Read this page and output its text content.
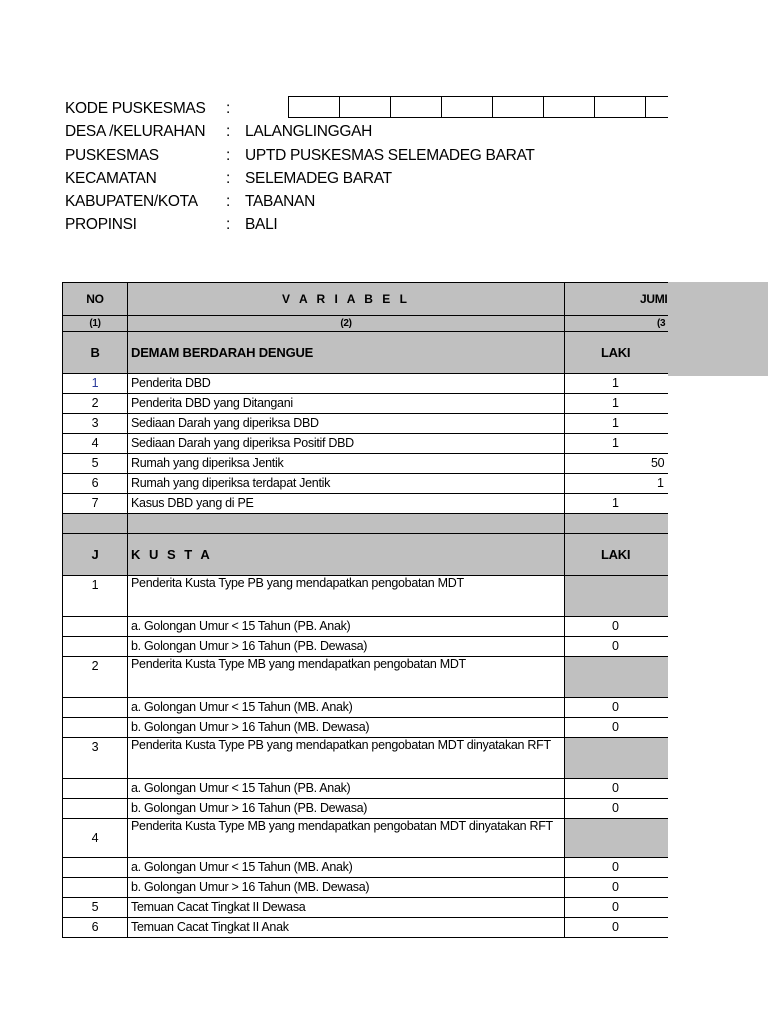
KODE PUSKESMAS :
DESA /KELURAHAN : LALANGLINGGAH
PUSKESMAS	: UPTD PUSKESMAS SELEMADEG BARAT
KECAMATAN	: SELEMADEG BARAT
KABUPATEN/KOTA : TABANAN
PROPINSI	: BALI
NO	V A R I A B E L	JUMI
(1)	(2)	(3
B	DEMAM BERDARAH DENGUE	LAKI
1	Penderita DBD	1
2	Penderita DBD yang Ditangani	1
3	Sediaan Darah yang diperiksa DBD	1
4	Sediaan Darah yang diperiksa Positif DBD	1
5	Rumah yang diperiksa Jentik	50
6	Rumah yang diperiksa terdapat Jentik	1
7	Kasus DBD yang di PE	1

J	K U S T A	LAKI
1	Penderita Kusta Type PB yang mendapatkan pengobatan MDT	
	a. Golongan Umur < 15 Tahun (PB. Anak)	0
	b. Golongan Umur > 16 Tahun (PB. Dewasa)	0
2	Penderita Kusta Type MB yang mendapatkan pengobatan MDT	
	a. Golongan Umur < 15 Tahun (MB. Anak)	0
	b. Golongan Umur > 16 Tahun (MB. Dewasa)	0
3	Penderita Kusta Type PB yang mendapatkan pengobatan MDT dinyatakan RFT	
	a. Golongan Umur < 15 Tahun (PB. Anak)	0
	b. Golongan Umur > 16 Tahun (PB. Dewasa)	0
4	Penderita Kusta Type MB yang mendapatkan pengobatan MDT dinyatakan RFT	
	a. Golongan Umur < 15 Tahun (MB. Anak)	0
	b. Golongan Umur > 16 Tahun (MB. Dewasa)	0
5	Temuan Cacat Tingkat II Dewasa	0
6	Temuan Cacat Tingkat II Anak	0
